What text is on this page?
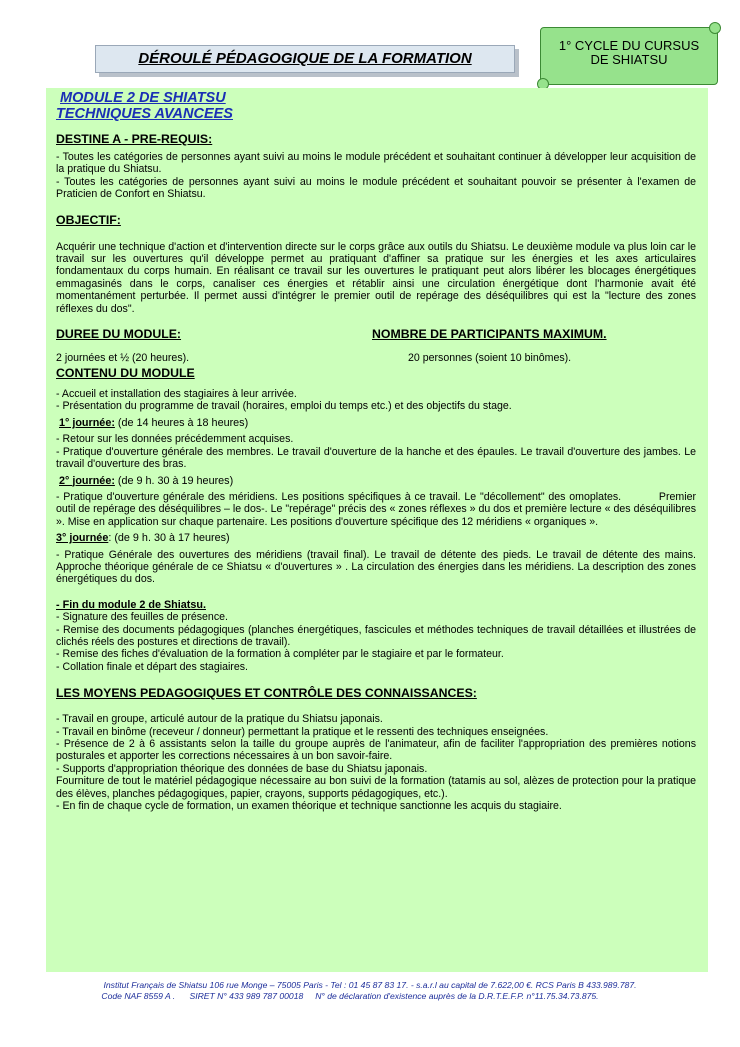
DÉROULÉ PÉDAGOGIQUE DE LA FORMATION
1° CYCLE DU CURSUS
DE SHIATSU
MODULE 2 DE SHIATSU
TECHNIQUES AVANCEES
DESTINE A - PRE-REQUIS:

- Toutes les catégories de personnes ayant suivi au moins le module précédent et souhaitant continuer à développer leur acquisition de la pratique du Shiatsu.

- Toutes les catégories de personnes ayant suivi au moins le module précédent et souhaitant pouvoir se présenter à l'examen de Praticien de Confort en Shiatsu.

OBJECTIF:

Acquérir une technique d'action et d'intervention directe sur le corps grâce aux outils du Shiatsu. Le deuxième module va plus loin car le travail sur les ouvertures qu'il développe permet au pratiquant d'affiner sa pratique sur les énergies et les axes articulaires fondamentaux du corps humain. En réalisant ce travail sur les ouvertures le pratiquant peut alors libérer les blocages énergétiques emmagasinés dans le corps, canaliser ces énergies et rétablir ainsi une circulation énergétique dont l'harmonie avait été momentanément perturbée. Il permet aussi d'intégrer le premier outil de repérage des déséquilibres qui est la "lecture des zones réflexes du dos".

DUREE DU MODULE:	NOMBRE DE PARTICIPANTS MAXIMUM.
2 journées et ½ (20 heures).	20 personnes (soient 10 binômes).
CONTENU DU MODULE

- Accueil et installation des stagiaires à leur arrivée.

- Présentation du programme de travail (horaires, emploi du temps etc.) et des objectifs du stage.

1° journée: (de 14 heures à 18 heures)

- Retour sur les données précédemment acquises.

- Pratique d'ouverture générale des membres. Le travail d'ouverture de la hanche et des épaules. Le travail d'ouverture des jambes. Le travail d'ouverture des bras.

2° journée: (de 9 h. 30 à 19 heures)

- Pratique d'ouverture générale des méridiens. Les positions spécifiques à ce travail. Le "décollement" des omoplates.          Premier outil de repérage des déséquilibres – le dos-. Le "repérage" précis des « zones réflexes » du dos et première lecture « des déséquilibres ». Mise en application sur chaque partenaire. Les positions d'ouverture spécifique des 12 méridiens « organiques ».

3° journée: (de 9 h. 30 à 17 heures)

- Pratique Générale des ouvertures des méridiens (travail final). Le travail de détente des pieds. Le travail de détente des mains. Approche théorique générale de ce Shiatsu « d'ouvertures » . La circulation des énergies dans les méridiens. La description des zones énergétiques du dos.

- Fin du module 2 de Shiatsu.

- Signature des feuilles de présence.

- Remise des documents pédagogiques (planches énergétiques, fascicules et méthodes techniques de travail détaillées et illustrées de clichés réels des postures et directions de travail).

- Remise des fiches d'évaluation de la formation à compléter par le stagiaire et par le formateur.

- Collation finale et départ des stagiaires.

LES MOYENS PEDAGOGIQUES ET CONTRÔLE DES CONNAISSANCES:

- Travail en groupe, articulé autour de la pratique du Shiatsu japonais.

- Travail en binôme (receveur / donneur) permettant la pratique et le ressenti des techniques enseignées.

- Présence de 2 à 6 assistants selon la taille du groupe auprès de l'animateur, afin de faciliter l'appropriation des premières notions posturales et apporter les corrections nécessaires à un bon savoir-faire.

- Supports d'appropriation théorique des données de base du Shiatsu japonais.

Fourniture de tout le matériel pédagogique nécessaire au bon suivi de la formation (tatamis au sol, alèzes de protection pour la pratique des élèves, planches pédagogiques, papier, crayons, supports pédagogiques, etc.).

- En fin de chaque cycle de formation, un examen théorique et technique sanctionne les acquis du stagiaire.

Institut Français de Shiatsu 106 rue Monge – 75005 Paris - Tel : 01 45 87 83 17. - s.a.r.l au capital de 7.622,00 €. RCS Paris B 433.989.787.
Code NAF 8559 A .      SIRET N° 433 989 787 00018     N° de déclaration d'existence auprès de la D.R.T.E.F.P. n°11.75.34.73.875.
